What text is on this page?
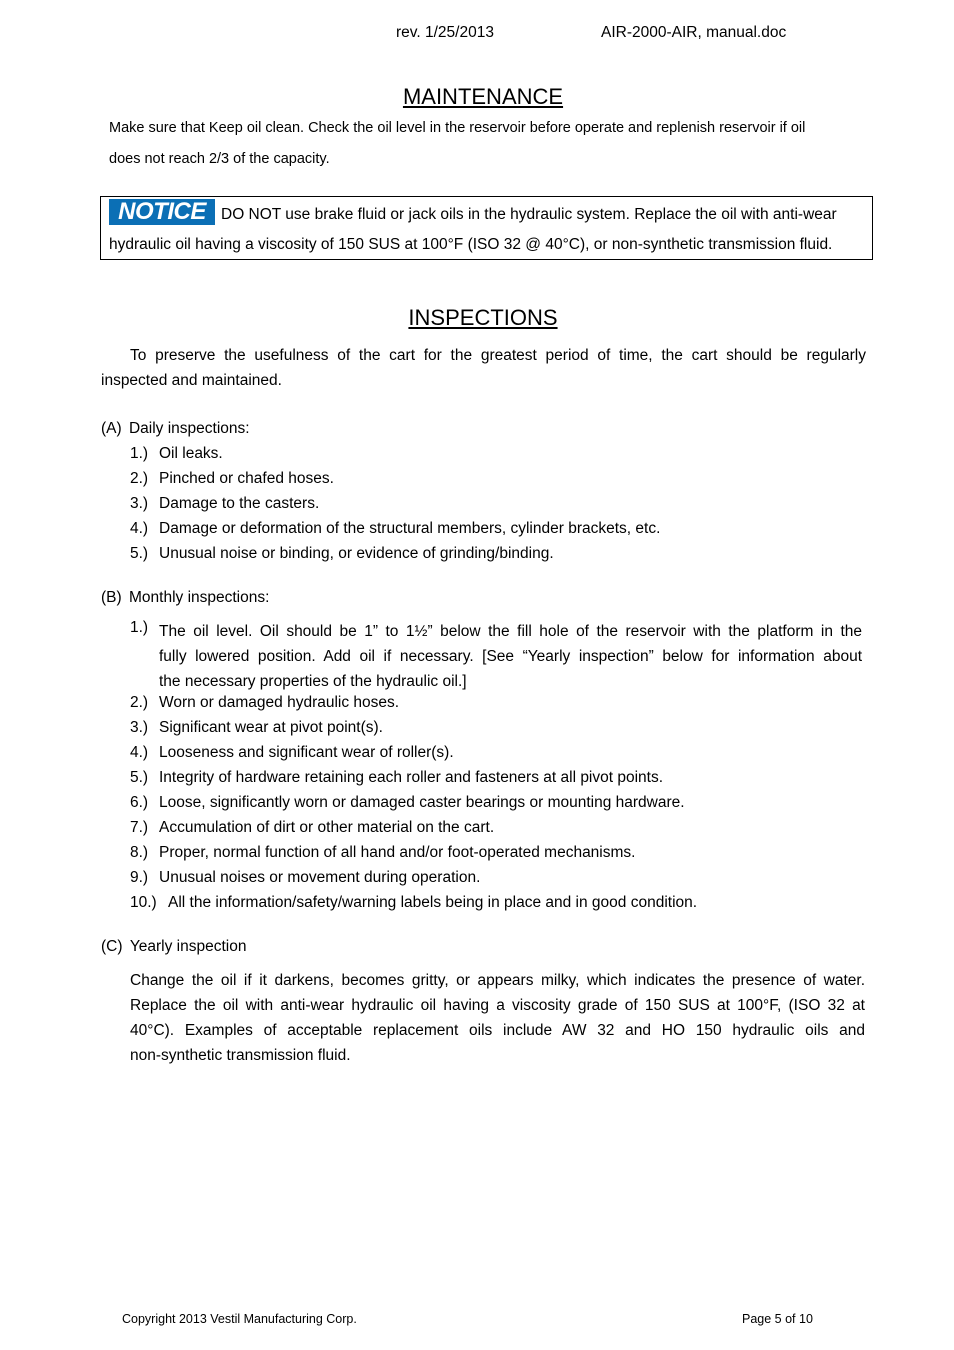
rev. 1/25/2013	AIR-2000-AIR, manual.doc
MAINTENANCE
Make sure that Keep oil clean. Check the oil level in the reservoir before operate and replenish reservoir if oil
does not reach 2/3 of the capacity.
NOTICE DO NOT use brake fluid or jack oils in the hydraulic system. Replace the oil with anti-wear
hydraulic oil having a viscosity of 150 SUS at 100°F (ISO 32 @ 40°C), or non-synthetic transmission fluid.
INSPECTIONS
To preserve the usefulness of the cart for the greatest period of time, the cart should be regularly
inspected and maintained.
(A) Daily inspections:
1.) Oil leaks.
2.) Pinched or chafed hoses.
3.) Damage to the casters.
4.) Damage or deformation of the structural members, cylinder brackets, etc.
5.) Unusual noise or binding, or evidence of grinding/binding.
(B) Monthly inspections:
1.) The oil level. Oil should be 1” to 1½” below the fill hole of the reservoir with the platform in the
fully lowered position. Add oil if necessary. [See “Yearly inspection” below for information about
the necessary properties of the hydraulic oil.]
2.) Worn or damaged hydraulic hoses.
3.) Significant wear at pivot point(s).
4.) Looseness and significant wear of roller(s).
5.) Integrity of hardware retaining each roller and fasteners at all pivot points.
6.) Loose, significantly worn or damaged caster bearings or mounting hardware.
7.) Accumulation of dirt or other material on the cart.
8.) Proper, normal function of all hand and/or foot-operated mechanisms.
9.) Unusual noises or movement during operation.
10.) All the information/safety/warning labels being in place and in good condition.
(C) Yearly inspection
Change the oil if it darkens, becomes gritty, or appears milky, which indicates the presence of water.
Replace the oil with anti-wear hydraulic oil having a viscosity grade of 150 SUS at 100°F, (ISO 32 at
40°C). Examples of acceptable replacement oils include AW 32 and HO 150 hydraulic oils and
non-synthetic transmission fluid.
Copyright 2013 Vestil Manufacturing Corp.	Page 5 of 10
